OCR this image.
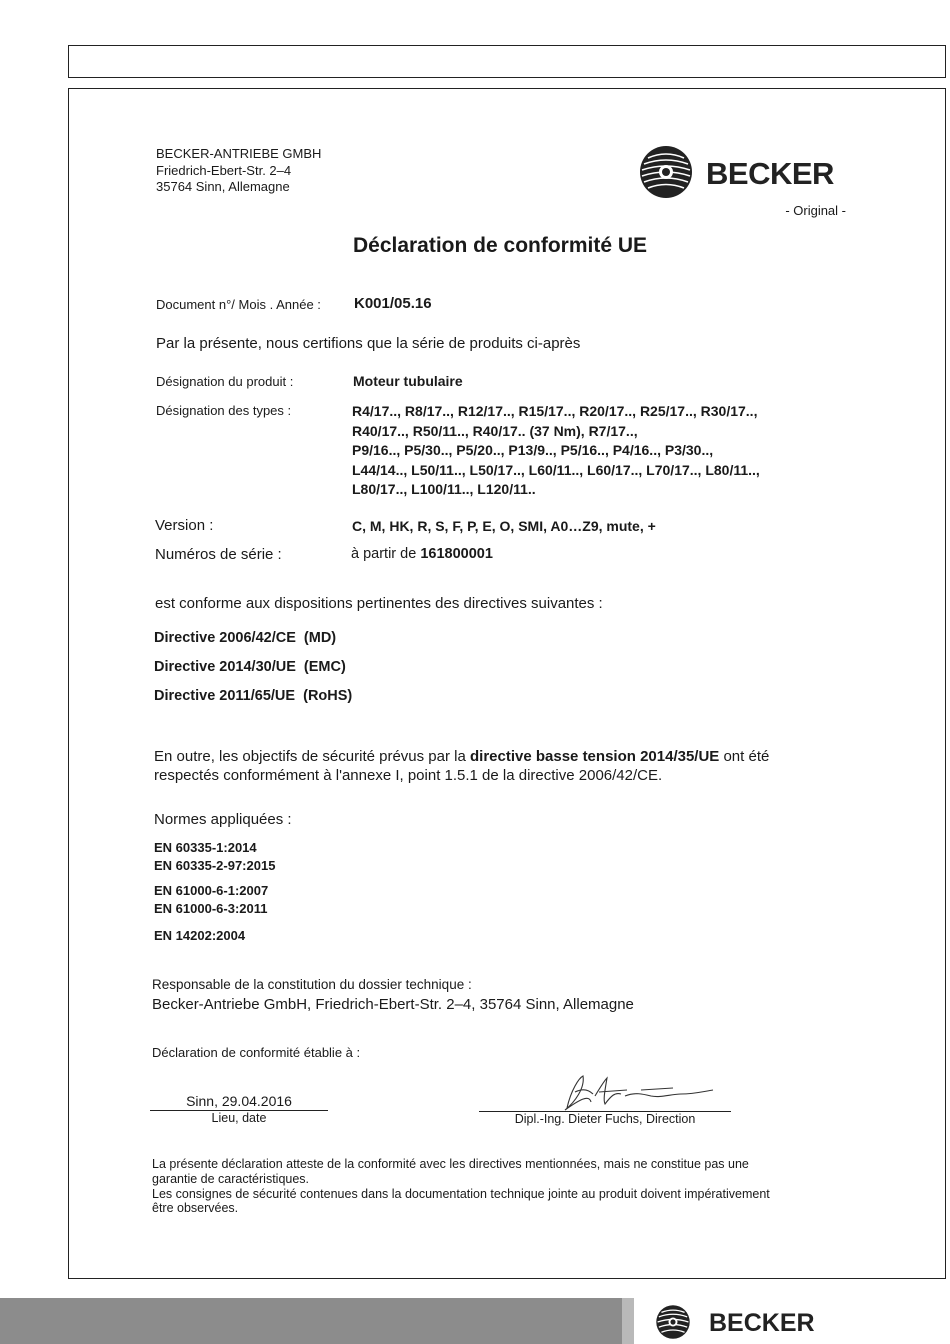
BECKER-ANTRIEBE GMBH
Friedrich-Ebert-Str. 2–4
35764 Sinn, Allemagne	BECKER
- Original -
Déclaration de conformité UE
Document n°/ Mois . Année : K001/05.16
Par la présente, nous certifions que la série de produits ci-après
Désignation du produit :	Moteur tubulaire
Désignation des types :	R4/17.., R8/17.., R12/17.., R15/17.., R20/17.., R25/17.., R30/17..,
R40/17.., R50/11.., R40/17.. (37 Nm), R7/17..,
P9/16.., P5/30.., P5/20.., P13/9.., P5/16.., P4/16.., P3/30..,
L44/14.., L50/11.., L50/17.., L60/11.., L60/17.., L70/17.., L80/11..,
L80/17.., L100/11.., L120/11..
Version :	C, M, HK, R, S, F, P, E, O, SMI, A0…Z9, mute, +
Numéros de série :	à partir de 161800001
est conforme aux dispositions pertinentes des directives suivantes :
Directive 2006/42/CE (MD)
Directive 2014/30/UE (EMC)
Directive 2011/65/UE (RoHS)
En outre, les objectifs de sécurité prévus par la directive basse tension 2014/35/UE ont été
respectés conformément à l'annexe I, point 1.5.1 de la directive 2006/42/CE.
Normes appliquées :
EN 60335-1:2014
EN 60335-2-97:2015
EN 61000-6-1:2007
EN 61000-6-3:2011
EN 14202:2004
Responsable de la constitution du dossier technique :
Becker-Antriebe GmbH, Friedrich-Ebert-Str. 2–4, 35764 Sinn, Allemagne
Déclaration de conformité établie à :
Sinn, 29.04.2016
Lieu, date	Dipl.-Ing. Dieter Fuchs, Direction
La présente déclaration atteste de la conformité avec les directives mentionnées, mais ne constitue pas une
garantie de caractéristiques.
Les consignes de sécurité contenues dans la documentation technique jointe au produit doivent impérativement
être observées.
BECKER
